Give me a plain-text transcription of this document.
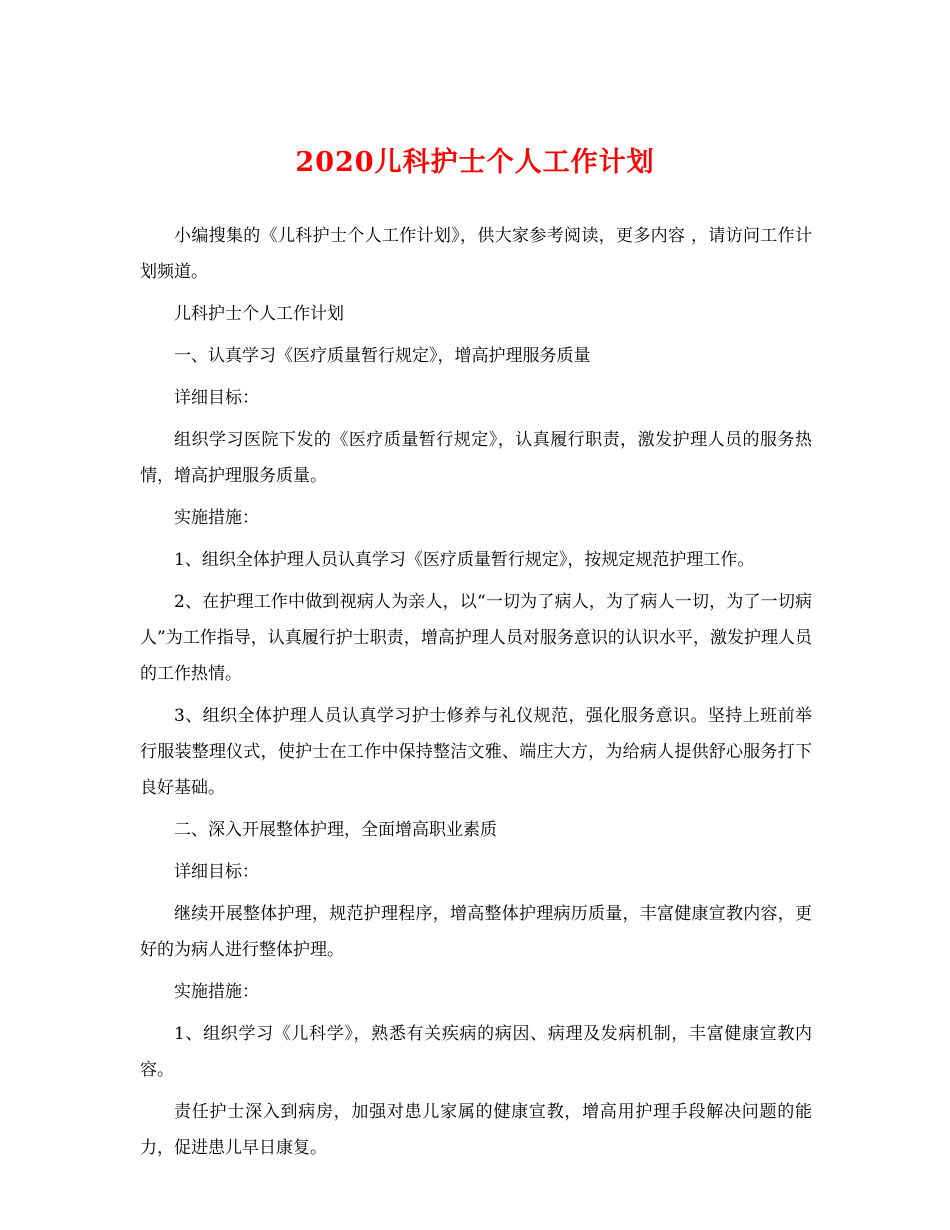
2020儿科护士个人工作计划

小编搜集的《儿科护士个人工作计划》，供大家参考阅读，更多内容 ，请访问工作计划频道。

儿科护士个人工作计划

一、认真学习《医疗质量暂行规定》，增高护理服务质量

详细目标：

组织学习医院下发的《医疗质量暂行规定》，认真履行职责，激发护理人员的服务热情，增高护理服务质量。

实施措施：

1、组织全体护理人员认真学习《医疗质量暂行规定》，按规定规范护理工作。

2、在护理工作中做到视病人为亲人，以“一切为了病人，为了病人一切，为了一切病人”为工作指导，认真履行护士职责，增高护理人员对服务意识的认识水平，激发护理人员的工作热情。

3、组织全体护理人员认真学习护士修养与礼仪规范，强化服务意识。坚持上班前举行服装整理仪式，使护士在工作中保持整洁文雅、端庄大方，为给病人提供舒心服务打下良好基础。

二、深入开展整体护理，全面增高职业素质

详细目标：

继续开展整体护理，规范护理程序，增高整体护理病历质量，丰富健康宣教内容，更好的为病人进行整体护理。

实施措施：

1、组织学习《儿科学》，熟悉有关疾病的病因、病理及发病机制，丰富健康宣教内容。

责任护士深入到病房，加强对患儿家属的健康宣教，增高用护理手段解决问题的能力，促进患儿早日康复。
